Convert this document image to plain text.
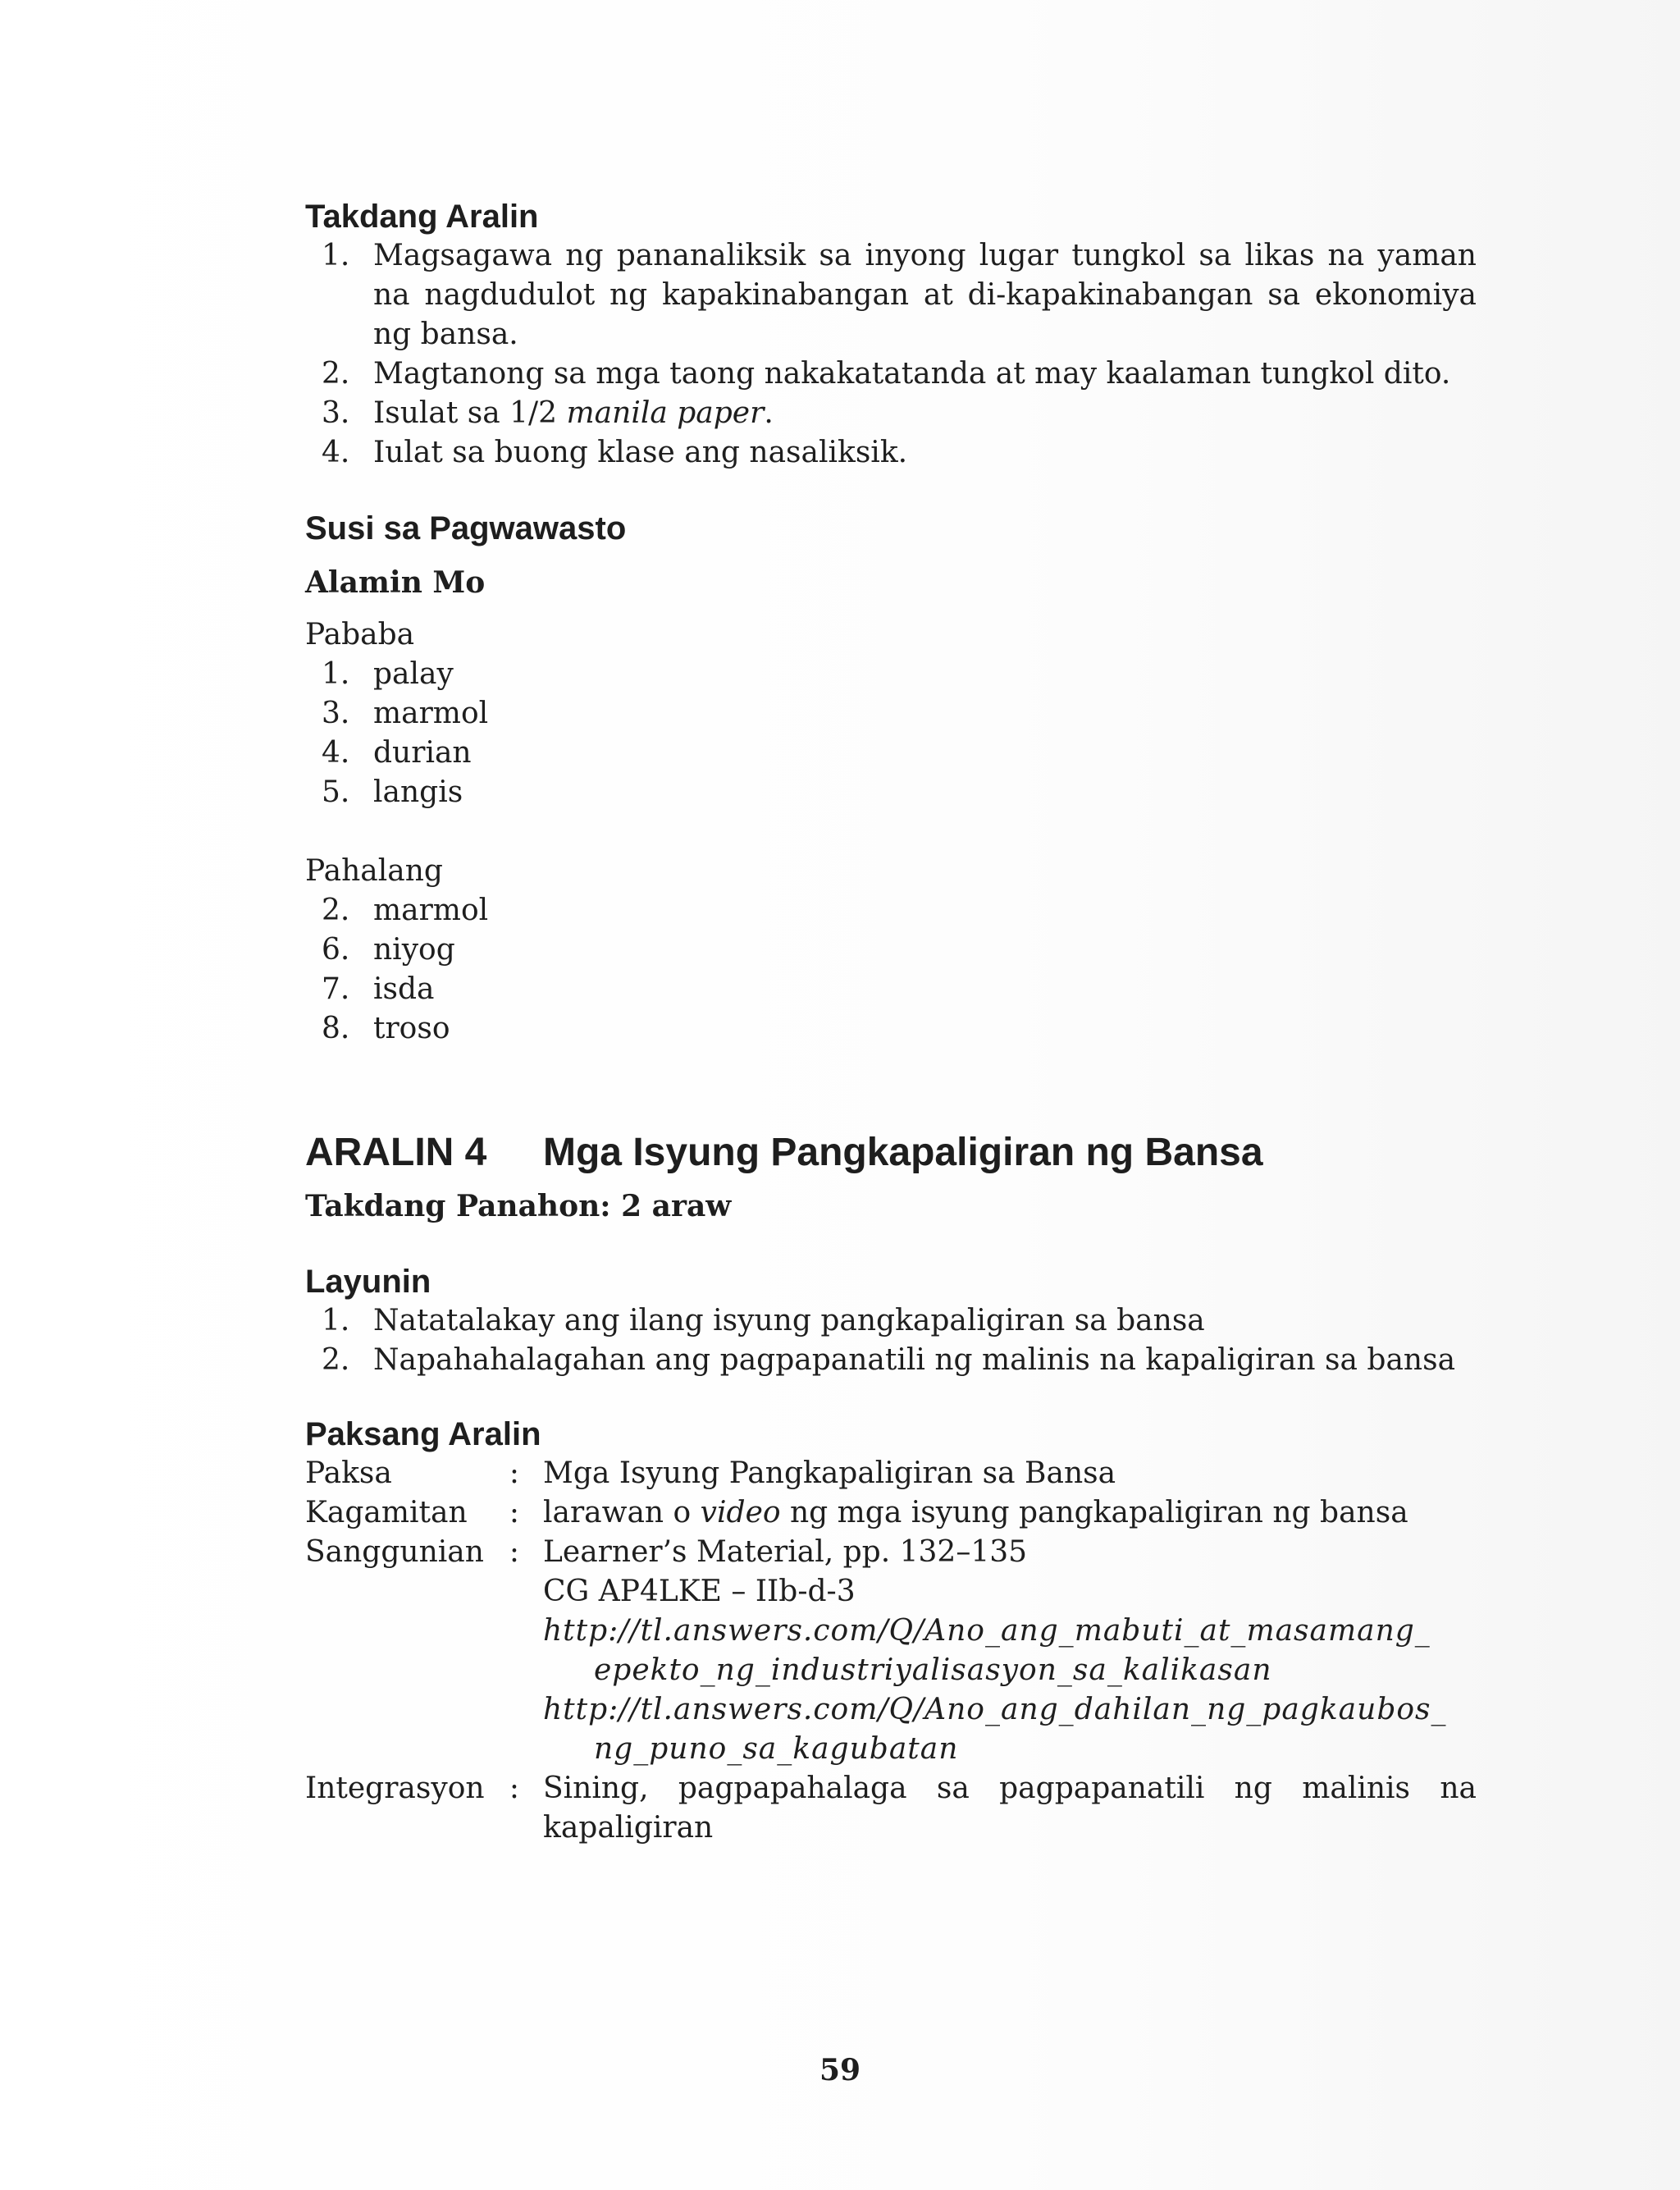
Takdang Aralin
1. Magsagawa ng pananaliksik sa inyong lugar tungkol sa likas na yaman na nagdudulot ng kapakinabangan at di-kapakinabangan sa ekonomiya ng bansa.
2. Magtanong sa mga taong nakakatatanda at may kaalaman tungkol dito.
3. Isulat sa 1/2 manila paper.
4. Iulat sa buong klase ang nasaliksik.
Susi sa Pagwawasto
Alamin Mo
Pababa
1. palay
3. marmol
4. durian
5. langis
Pahalang
2. marmol
6. niyog
7. isda
8. troso
ARALIN 4 Mga Isyung Pangkapaligiran ng Bansa
Takdang Panahon: 2 araw
Layunin
1. Natatalakay ang ilang isyung pangkapaligiran sa bansa
2. Napahahalagahan ang pagpapanatili ng malinis na kapaligiran sa bansa
Paksang Aralin
Paksa	:	Mga Isyung Pangkapaligiran sa Bansa
Kagamitan	:	larawan o video ng mga isyung pangkapaligiran ng bansa
Sanggunian	:	Learner’s Material, pp. 132–135
CG AP4LKE – IIb-d-3
http://tl.answers.com/Q/Ano_ang_mabuti_at_masamang_epekto_ng_industriyalisasyon_sa_kalikasan
http://tl.answers.com/Q/Ano_ang_dahilan_ng_pagkaubos_ng_puno_sa_kagubatan

Integrasyon	:	Sining, pagpapahalaga sa pagpapanatili ng malinis na kapaligiran
59
